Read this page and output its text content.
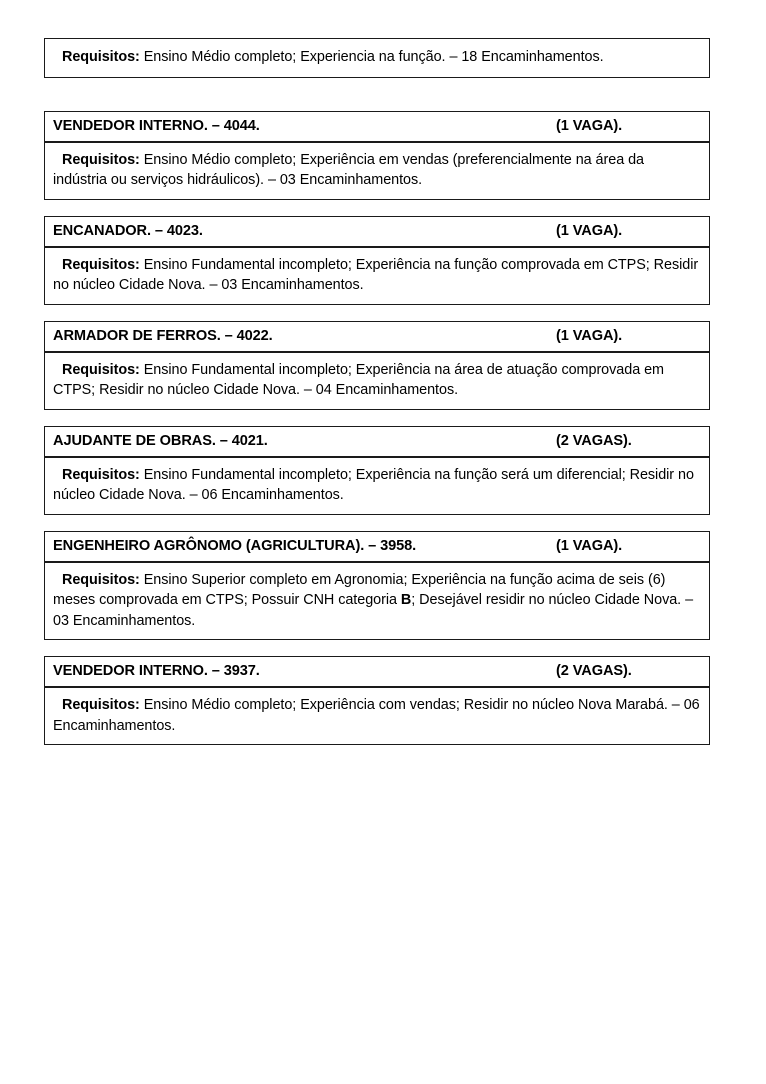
Requisitos: Ensino Médio completo; Experiencia na função. – 18 Encaminhamentos.

VENDEDOR INTERNO. – 4044.	(1 VAGA).

Requisitos: Ensino Médio completo; Experiência em vendas (preferencialmente na área da indústria ou serviços hidráulicos). – 03 Encaminhamentos.

ENCANADOR. – 4023.	(1 VAGA).

Requisitos: Ensino Fundamental incompleto; Experiência na função comprovada em CTPS; Residir no núcleo Cidade Nova. – 03 Encaminhamentos.

ARMADOR DE FERROS. – 4022.	(1 VAGA).

Requisitos: Ensino Fundamental incompleto; Experiência na área de atuação comprovada em CTPS; Residir no núcleo Cidade Nova. – 04 Encaminhamentos.

AJUDANTE DE OBRAS. – 4021.	(2 VAGAS).

Requisitos: Ensino Fundamental incompleto; Experiência na função será um diferencial; Residir no núcleo Cidade Nova. – 06 Encaminhamentos.

ENGENHEIRO AGRÔNOMO (AGRICULTURA). – 3958.	(1 VAGA).

Requisitos: Ensino Superior completo em Agronomia; Experiência na função acima de seis (6) meses comprovada em CTPS; Possuir CNH categoria B; Desejável residir no núcleo Cidade Nova. – 03 Encaminhamentos.

VENDEDOR INTERNO. – 3937.	(2 VAGAS).

Requisitos: Ensino Médio completo; Experiência com vendas; Residir no núcleo Nova Marabá. – 06 Encaminhamentos.
